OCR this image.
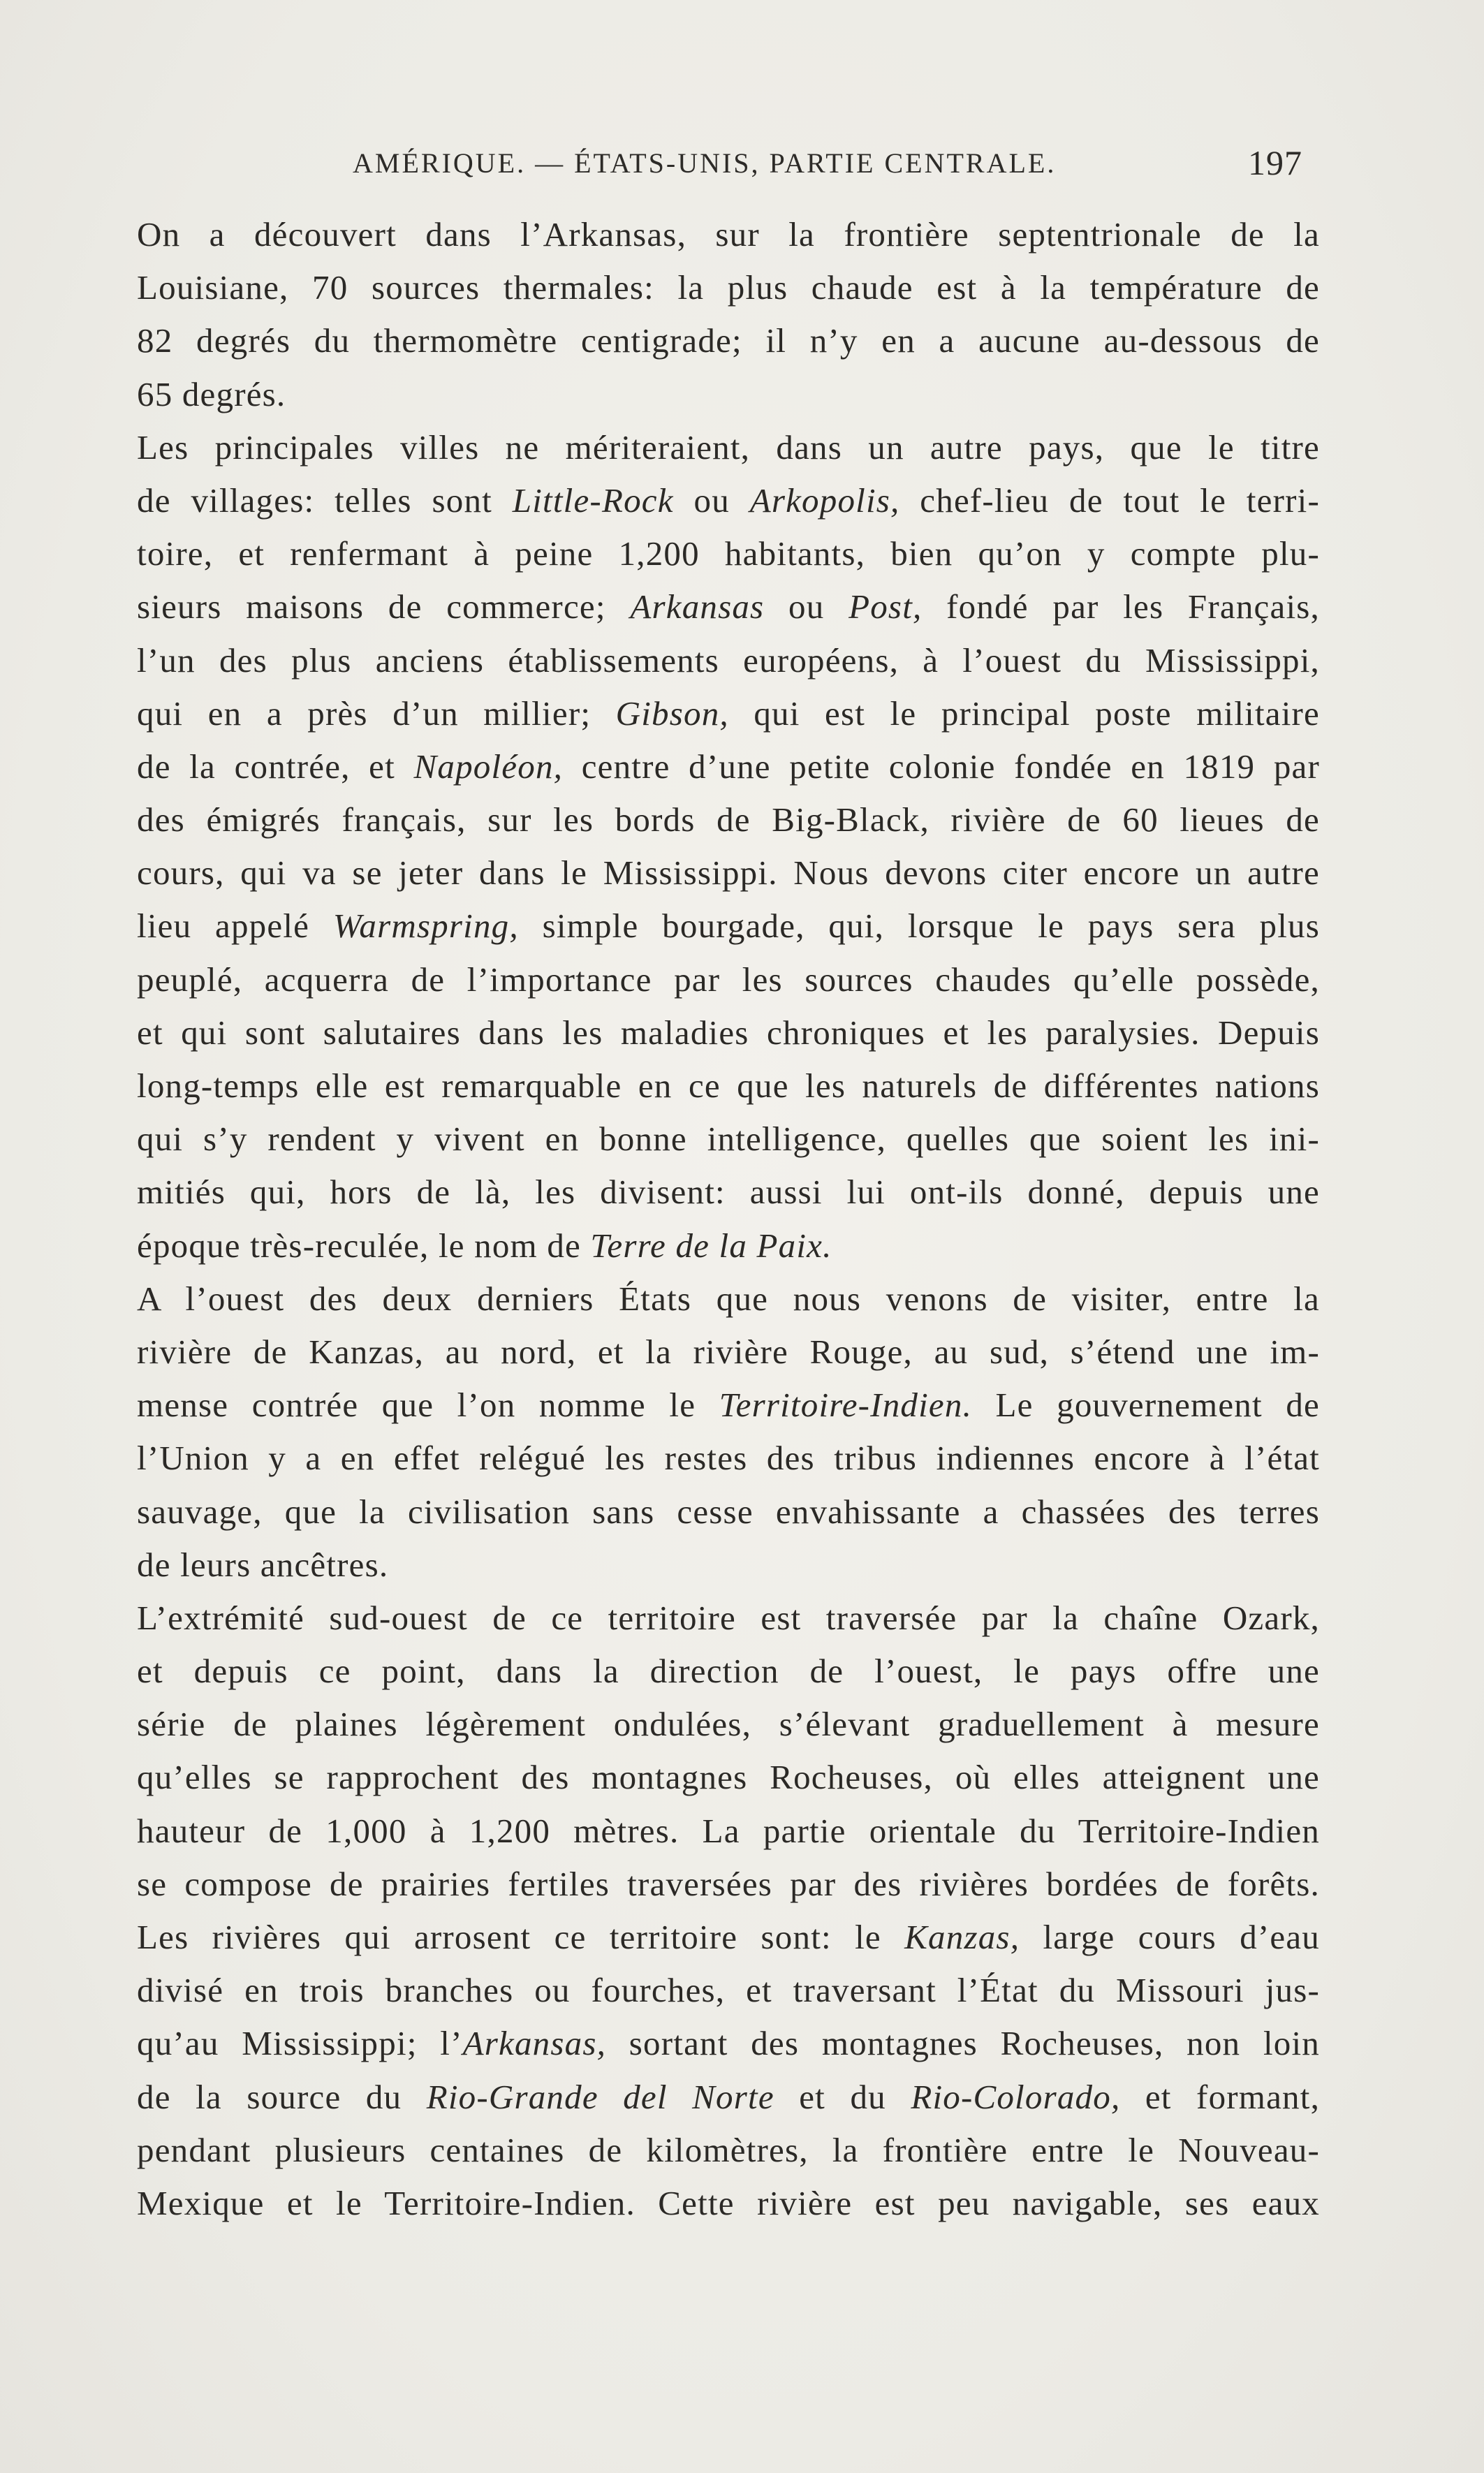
AMÉRIQUE. — ÉTATS-UNIS, PARTIE CENTRALE.	197

On a découvert dans l’Arkansas, sur la frontière septentrionale de la
Louisiane, 70 sources thermales: la plus chaude est à la température de
82 degrés du thermomètre centigrade; il n’y en a aucune au-dessous de
65 degrés.

Les principales villes ne mériteraient, dans un autre pays, que le titre
de villages: telles sont Little-Rock ou Arkopolis, chef-lieu de tout le terri-
toire, et renfermant à peine 1,200 habitants, bien qu’on y compte plu-
sieurs maisons de commerce; Arkansas ou Post, fondé par les Français,
l’un des plus anciens établissements européens, à l’ouest du Mississippi,
qui en a près d’un millier; Gibson, qui est le principal poste militaire
de la contrée, et Napoléon, centre d’une petite colonie fondée en 1819 par
des émigrés français, sur les bords de Big-Black, rivière de 60 lieues de
cours, qui va se jeter dans le Mississippi. Nous devons citer encore un autre
lieu appelé Warmspring, simple bourgade, qui, lorsque le pays sera plus
peuplé, acquerra de l’importance par les sources chaudes qu’elle possède,
et qui sont salutaires dans les maladies chroniques et les paralysies. Depuis
long-temps elle est remarquable en ce que les naturels de différentes nations
qui s’y rendent y vivent en bonne intelligence, quelles que soient les ini-
mitiés qui, hors de là, les divisent: aussi lui ont-ils donné, depuis une
époque très-reculée, le nom de Terre de la Paix.

A l’ouest des deux derniers États que nous venons de visiter, entre la
rivière de Kanzas, au nord, et la rivière Rouge, au sud, s’étend une im-
mense contrée que l’on nomme le Territoire-Indien. Le gouvernement de
l’Union y a en effet relégué les restes des tribus indiennes encore à l’état
sauvage, que la civilisation sans cesse envahissante a chassées des terres
de leurs ancêtres.

L’extrémité sud-ouest de ce territoire est traversée par la chaîne Ozark,
et depuis ce point, dans la direction de l’ouest, le pays offre une
série de plaines légèrement ondulées, s’élevant graduellement à mesure
qu’elles se rapprochent des montagnes Rocheuses, où elles atteignent une
hauteur de 1,000 à 1,200 mètres. La partie orientale du Territoire-Indien
se compose de prairies fertiles traversées par des rivières bordées de forêts.
Les rivières qui arrosent ce territoire sont: le Kanzas, large cours d’eau
divisé en trois branches ou fourches, et traversant l’État du Missouri jus-
qu’au Mississippi; l’Arkansas, sortant des montagnes Rocheuses, non loin
de la source du Rio-Grande del Norte et du Rio-Colorado, et formant,
pendant plusieurs centaines de kilomètres, la frontière entre le Nouveau-
Mexique et le Territoire-Indien. Cette rivière est peu navigable, ses eaux
